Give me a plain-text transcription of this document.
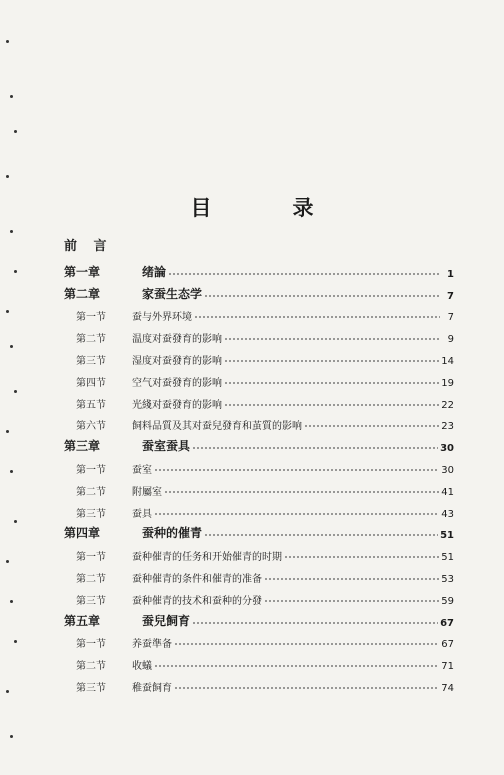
目　录
前 言
第一章	绪論	1
第二章	家蚕生态学	7
第一节	蚕与外界环境	7
第二节	温度对蚕發育的影响	9
第三节	湿度对蚕發育的影响	14
第四节	空气对蚕發育的影响	19
第五节	光綫对蚕發育的影响	22
第六节	飼料品質及其对蚕兒發育和茧質的影响	23
第三章	蚕室蚕具	30
第一节	蚕室	30
第二节	附屬室	41
第三节	蚕具	43
第四章	蚕种的催青	51
第一节	蚕种催青的任务和开始催青的时期	51
第二节	蚕种催青的条件和催青的准备	53
第三节	蚕种催青的技术和蚕种的分發	59
第五章	蚕兒飼育	67
第一节	养蚕準备	67
第二节	收蟻	71
第三节	稚蚕飼育	74
